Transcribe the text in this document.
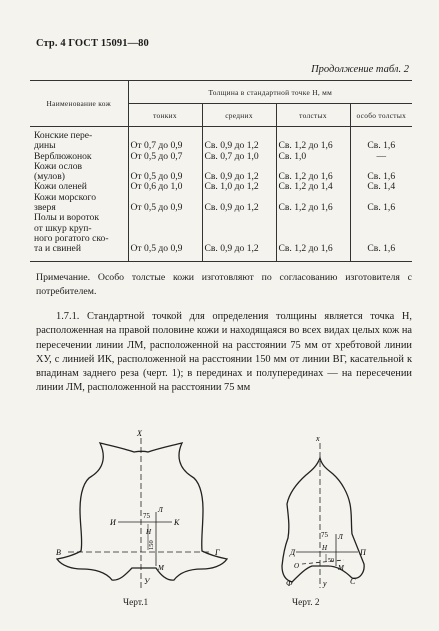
Стр. 4 ГОСТ 15091—80
Продолжение табл. 2
Наименование кож	Толщина в стандартной точке Н, мм			
	тонких	средних	толстых	особо толстых
Конские пере-				
дины	От 0,7 до 0,9	Св. 0,9 до 1,2	Св. 1,2 до 1,6	Св. 1,6
Верблюжонок	От 0,5 до 0,7	Св. 0,7 до 1,0	Св. 1,0	—
Кожи ослов				
(мулов)	От 0,5 до 0,9	Св. 0,9 до 1,2	Св. 1,2 до 1,6	Св. 1,6
Кожи оленей	От 0,6 до 1,0	Св. 1,0 до 1,2	Св. 1,2 до 1,4	Св. 1,4
Кожи морского				
зверя	От 0,5 до 0,9	Св. 0,9 до 1,2	Св. 1,2 до 1,6	Св. 1,6
Полы и вороток				
от шкур круп-				
ного рогатого ско-				
та и свиней	От 0,5 до 0,9	Св. 0,9 до 1,2	Св. 1,2 до 1,6	Св. 1,6
Примечание. Особо толстые кожи изготовляют по согласованию изготовителя с потребителем.
1.7.1. Стандартной точкой для определения толщины является точка Н, расположенная на правой половине кожи и находящаяся во всех видах целых кож на пересечении линии ЛМ, расположенной на расстоянии 75 мм от хребтовой линии ХУ, с линией ИК, расположенной на расстоянии 150 мм от линии ВГ, касательной к впадинам заднего реза (черт. 1); в перединах и полуперединах — на пересечении линии ЛМ, расположенной на расстоянии 75 мм
Х
У
И	К
Н
Л
М
В	Г
75
150
Черт.1
х
у
Д	П
Н
Л
М
О
Ф	С
75
50
Черт. 2
